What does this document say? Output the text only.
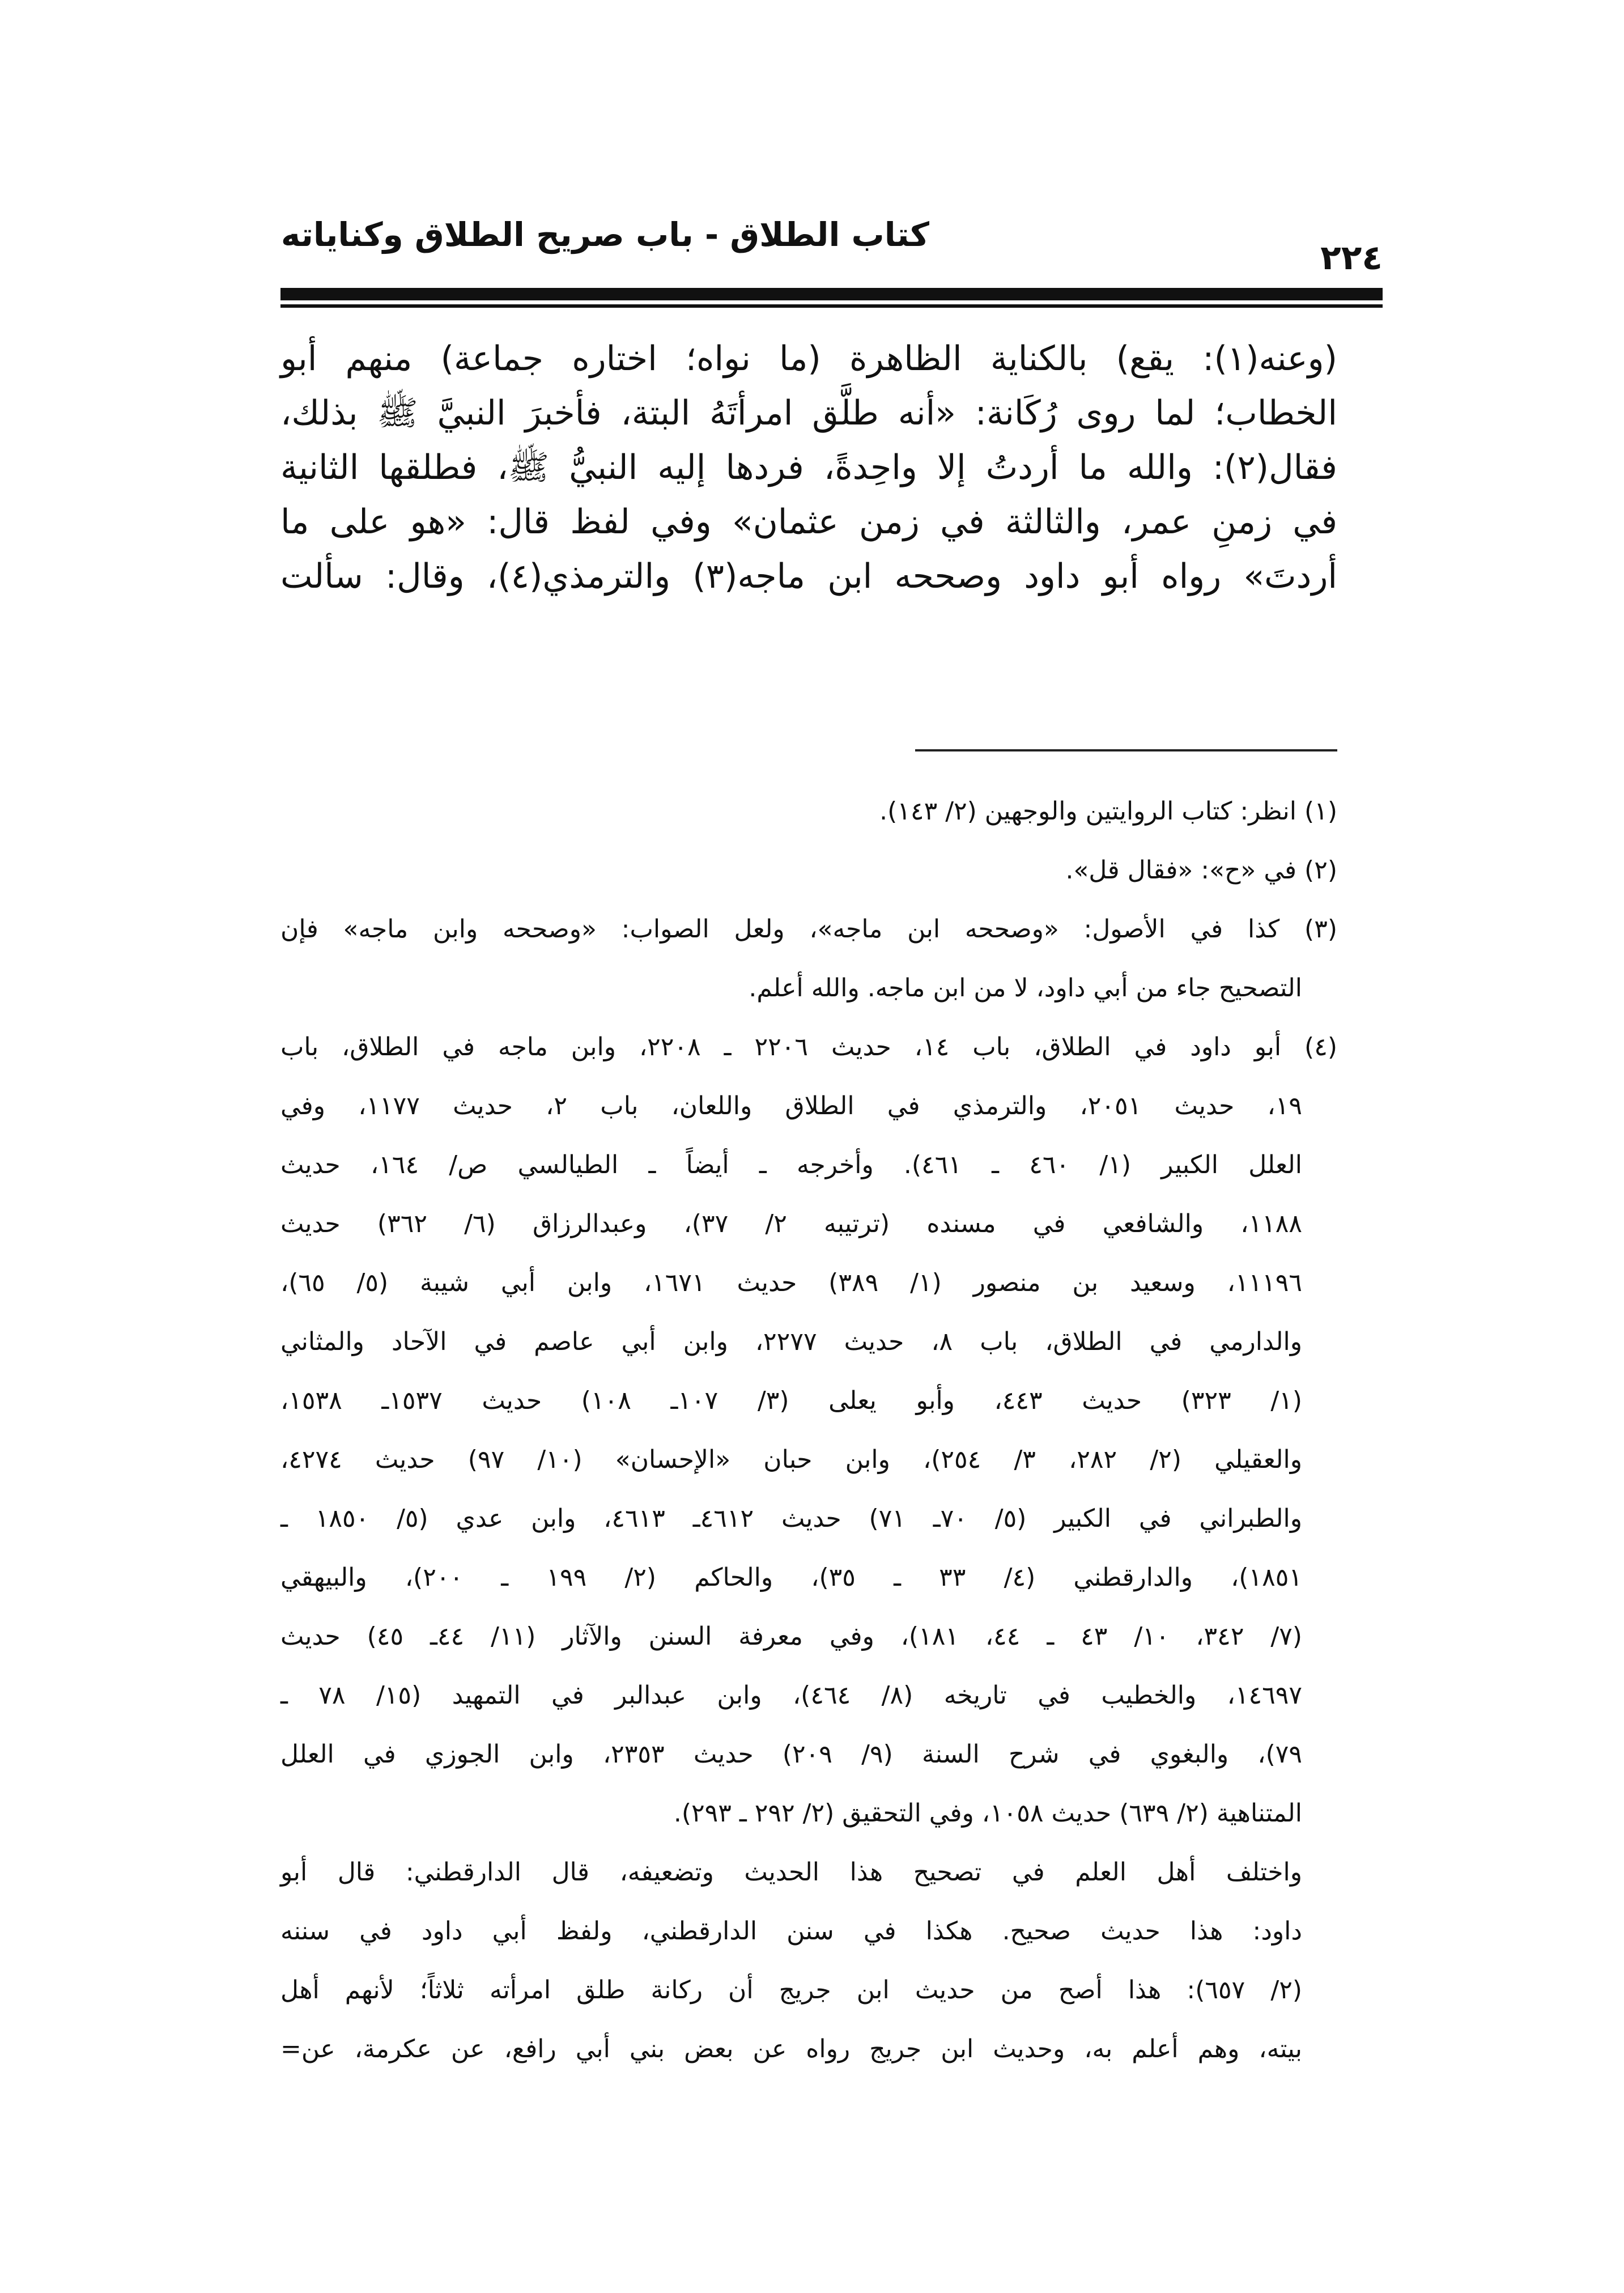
كتاب الطلاق - باب صريح الطلاق وكناياته
٢٢٤
(وعنه(١): يقع) بالكناية الظاهرة (ما نواه؛ اختاره جماعة) منهم أبو
الخطاب؛ لما روى رُكَانة: «أنه طلَّق امرأتَهُ البتة، فأخبرَ النبيَّ ﷺ بذلك،
فقال(٢): والله ما أردتُ إلا واحِدةً، فردها إليه النبيُّ ﷺ، فطلقها الثانية
في زمنِ عمر، والثالثة في زمن عثمان» وفي لفظ قال: «هو على ما
أردتَ» رواه أبو داود وصححه ابن ماجه(٣) والترمذي(٤)، وقال: سألت
(١) انظر: كتاب الروايتين والوجهين (٢/ ١٤٣).
(٢) في «ح»: «فقال قل».
(٣) كذا في الأصول: «وصححه ابن ماجه»، ولعل الصواب: «وصححه وابن ماجه» فإن
التصحيح جاء من أبي داود، لا من ابن ماجه. والله أعلم.
(٤) أبو داود في الطلاق، باب ١٤، حديث ٢٢٠٦ ـ ٢٢٠٨، وابن ماجه في الطلاق، باب
١٩، حديث ٢٠٥١، والترمذي في الطلاق واللعان، باب ٢، حديث ١١٧٧، وفي
العلل الكبير (١/ ٤٦٠ ـ ٤٦١). وأخرجه ـ أيضاً ـ الطيالسي ص/ ١٦٤، حديث
١١٨٨، والشافعي في مسنده (ترتيبه ٢/ ٣٧)، وعبدالرزاق (٦/ ٣٦٢) حديث
١١١٩٦، وسعيد بن منصور (١/ ٣٨٩) حديث ١٦٧١، وابن أبي شيبة (٥/ ٦٥)،
والدارمي في الطلاق، باب ٨، حديث ٢٢٧٧، وابن أبي عاصم في الآحاد والمثاني
(١/ ٣٢٣) حديث ٤٤٣، وأبو يعلى (٣/ ١٠٧ـ ١٠٨) حديث ١٥٣٧ـ ١٥٣٨،
والعقيلي (٢/ ٢٨٢، ٣/ ٢٥٤)، وابن حبان «الإحسان» (١٠/ ٩٧) حديث ٤٢٧٤،
والطبراني في الكبير (٥/ ٧٠ـ ٧١) حديث ٤٦١٢ـ ٤٦١٣، وابن عدي (٥/ ١٨٥٠ ـ
١٨٥١)، والدارقطني (٤/ ٣٣ ـ ٣٥)، والحاكم (٢/ ١٩٩ ـ ٢٠٠)، والبيهقي
(٧/ ٣٤٢، ١٠/ ٤٣ ـ ٤٤، ١٨١)، وفي معرفة السنن والآثار (١١/ ٤٤ـ ٤٥) حديث
١٤٦٩٧، والخطيب في تاريخه (٨/ ٤٦٤)، وابن عبدالبر في التمهيد (١٥/ ٧٨ ـ
٧٩)، والبغوي في شرح السنة (٩/ ٢٠٩) حديث ٢٣٥٣، وابن الجوزي في العلل
المتناهية (٢/ ٦٣٩) حديث ١٠٥٨، وفي التحقيق (٢/ ٢٩٢ ـ ٢٩٣).
واختلف أهل العلم في تصحيح هذا الحديث وتضعيفه، قال الدارقطني: قال أبو
داود: هذا حديث صحيح. هكذا في سنن الدارقطني، ولفظ أبي داود في سننه
(٢/ ٦٥٧): هذا أصح من حديث ابن جريج أن ركانة طلق امرأته ثلاثاً؛ لأنهم أهل
بيته، وهم أعلم به، وحديث ابن جريج رواه عن بعض بني أبي رافع، عن عكرمة، عن=
